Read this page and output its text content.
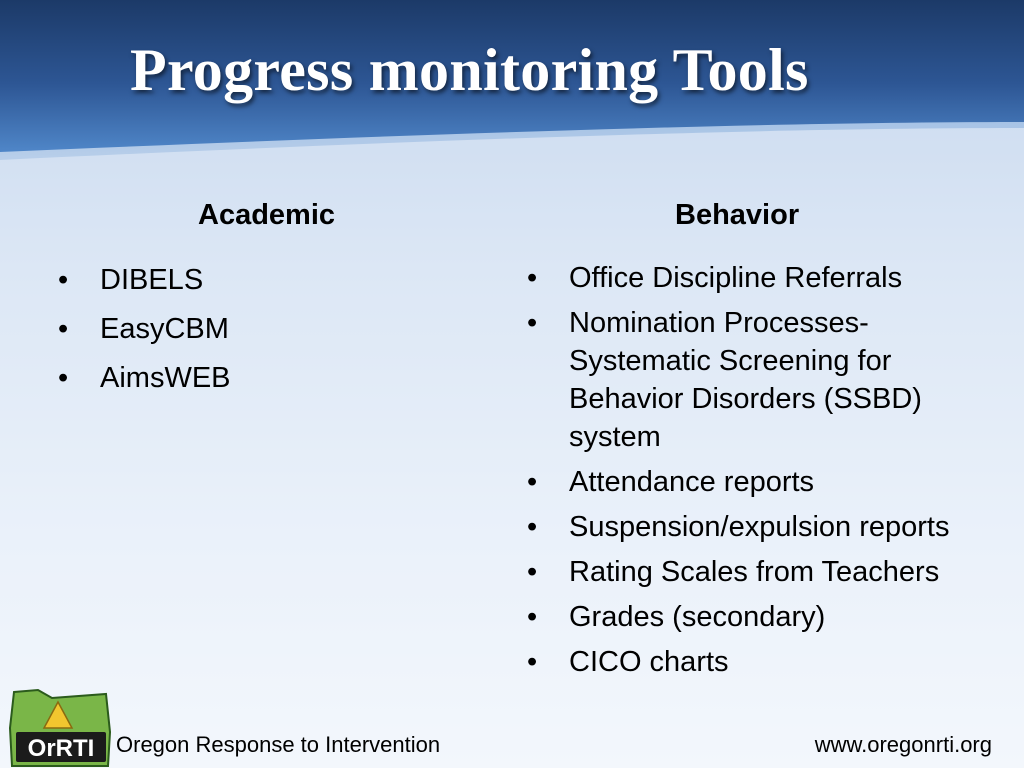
Progress monitoring Tools
Academic	Behavior
• DIBELS
• EasyCBM
• AimsWEB
• Office Discipline Referrals
• Nomination Processes-Systematic Screening for Behavior Disorders (SSBD) system
• Attendance reports
• Suspension/expulsion reports
• Rating Scales from Teachers
• Grades (secondary)
• CICO charts
OrRTI Oregon Response to Intervention	www.oregonrti.org
